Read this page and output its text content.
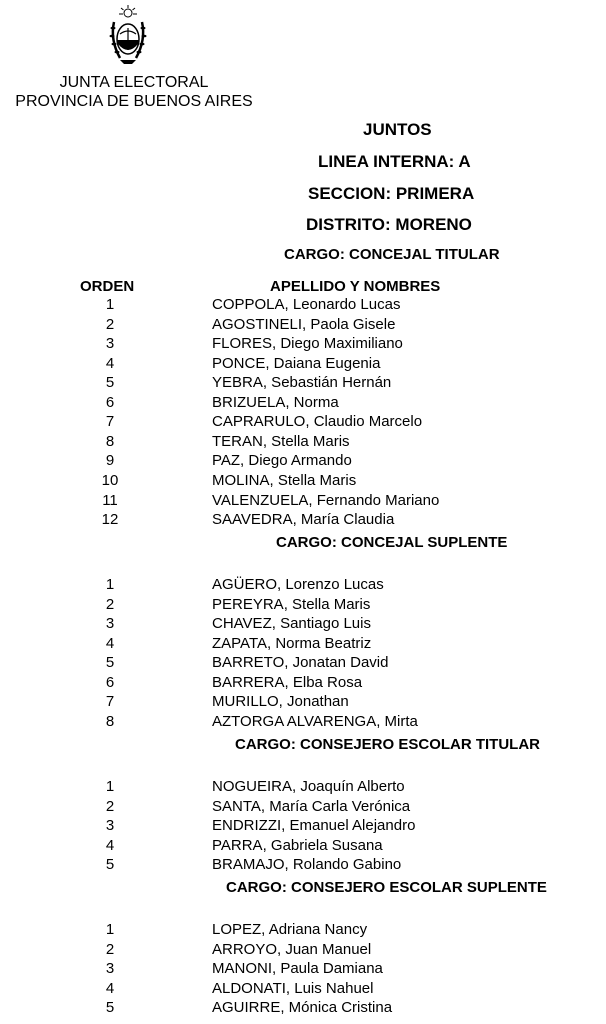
JUNTA ELECTORAL
PROVINCIA DE BUENOS AIRES
JUNTOS
LINEA INTERNA: A
SECCION: PRIMERA
DISTRITO: MORENO
CARGO: CONCEJAL TITULAR
ORDEN	APELLIDO Y NOMBRES
1	COPPOLA, Leonardo Lucas
2	AGOSTINELI, Paola Gisele
3	FLORES, Diego Maximiliano
4	PONCE, Daiana Eugenia
5	YEBRA, Sebastián Hernán
6	BRIZUELA, Norma
7	CAPRARULO, Claudio Marcelo
8	TERAN, Stella Maris
9	PAZ, Diego Armando
10	MOLINA, Stella Maris
11	VALENZUELA, Fernando Mariano
12	SAAVEDRA, María Claudia
CARGO: CONCEJAL SUPLENTE
1	AGÜERO, Lorenzo Lucas
2	PEREYRA, Stella Maris
3	CHAVEZ, Santiago Luis
4	ZAPATA, Norma Beatriz
5	BARRETO, Jonatan David
6	BARRERA, Elba Rosa
7	MURILLO, Jonathan
8	AZTORGA ALVARENGA, Mirta
CARGO: CONSEJERO ESCOLAR TITULAR
1	NOGUEIRA, Joaquín Alberto
2	SANTA, María Carla Verónica
3	ENDRIZZI, Emanuel Alejandro
4	PARRA, Gabriela Susana
5	BRAMAJO, Rolando Gabino
CARGO: CONSEJERO ESCOLAR SUPLENTE
1	LOPEZ, Adriana Nancy
2	ARROYO, Juan Manuel
3	MANONI, Paula Damiana
4	ALDONATI, Luis Nahuel
5	AGUIRRE, Mónica Cristina
